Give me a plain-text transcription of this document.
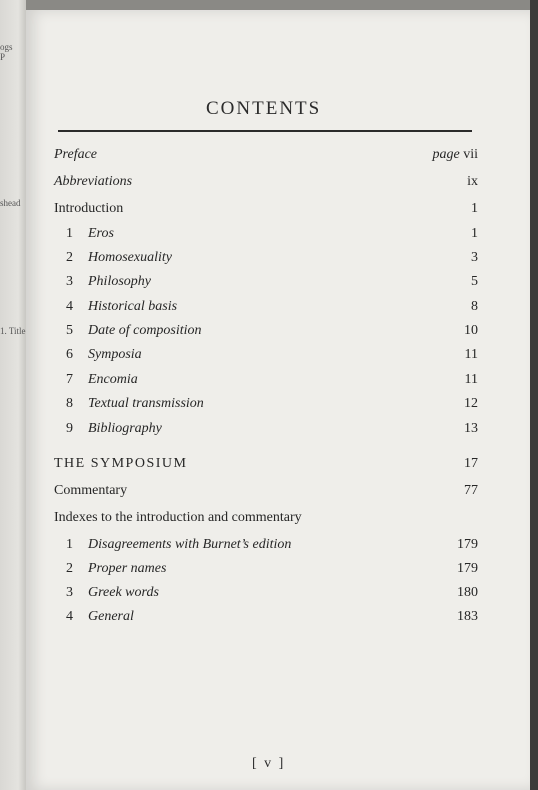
ogs
P
shead
1. Title
CONTENTS
Preface	page vii
Abbreviations	ix
Introduction	1
1	Eros	1
2	Homosexuality	3
3	Philosophy	5
4	Historical basis	8
5	Date of composition	10
6	Symposia	11
7	Encomia	11
8	Textual transmission	12
9	Bibliography	13
THE SYMPOSIUM	17
Commentary	77
Indexes to the introduction and commentary
1	Disagreements with Burnet’s edition	179
2	Proper names	179
3	Greek words	180
4	General	183
[ v ]
